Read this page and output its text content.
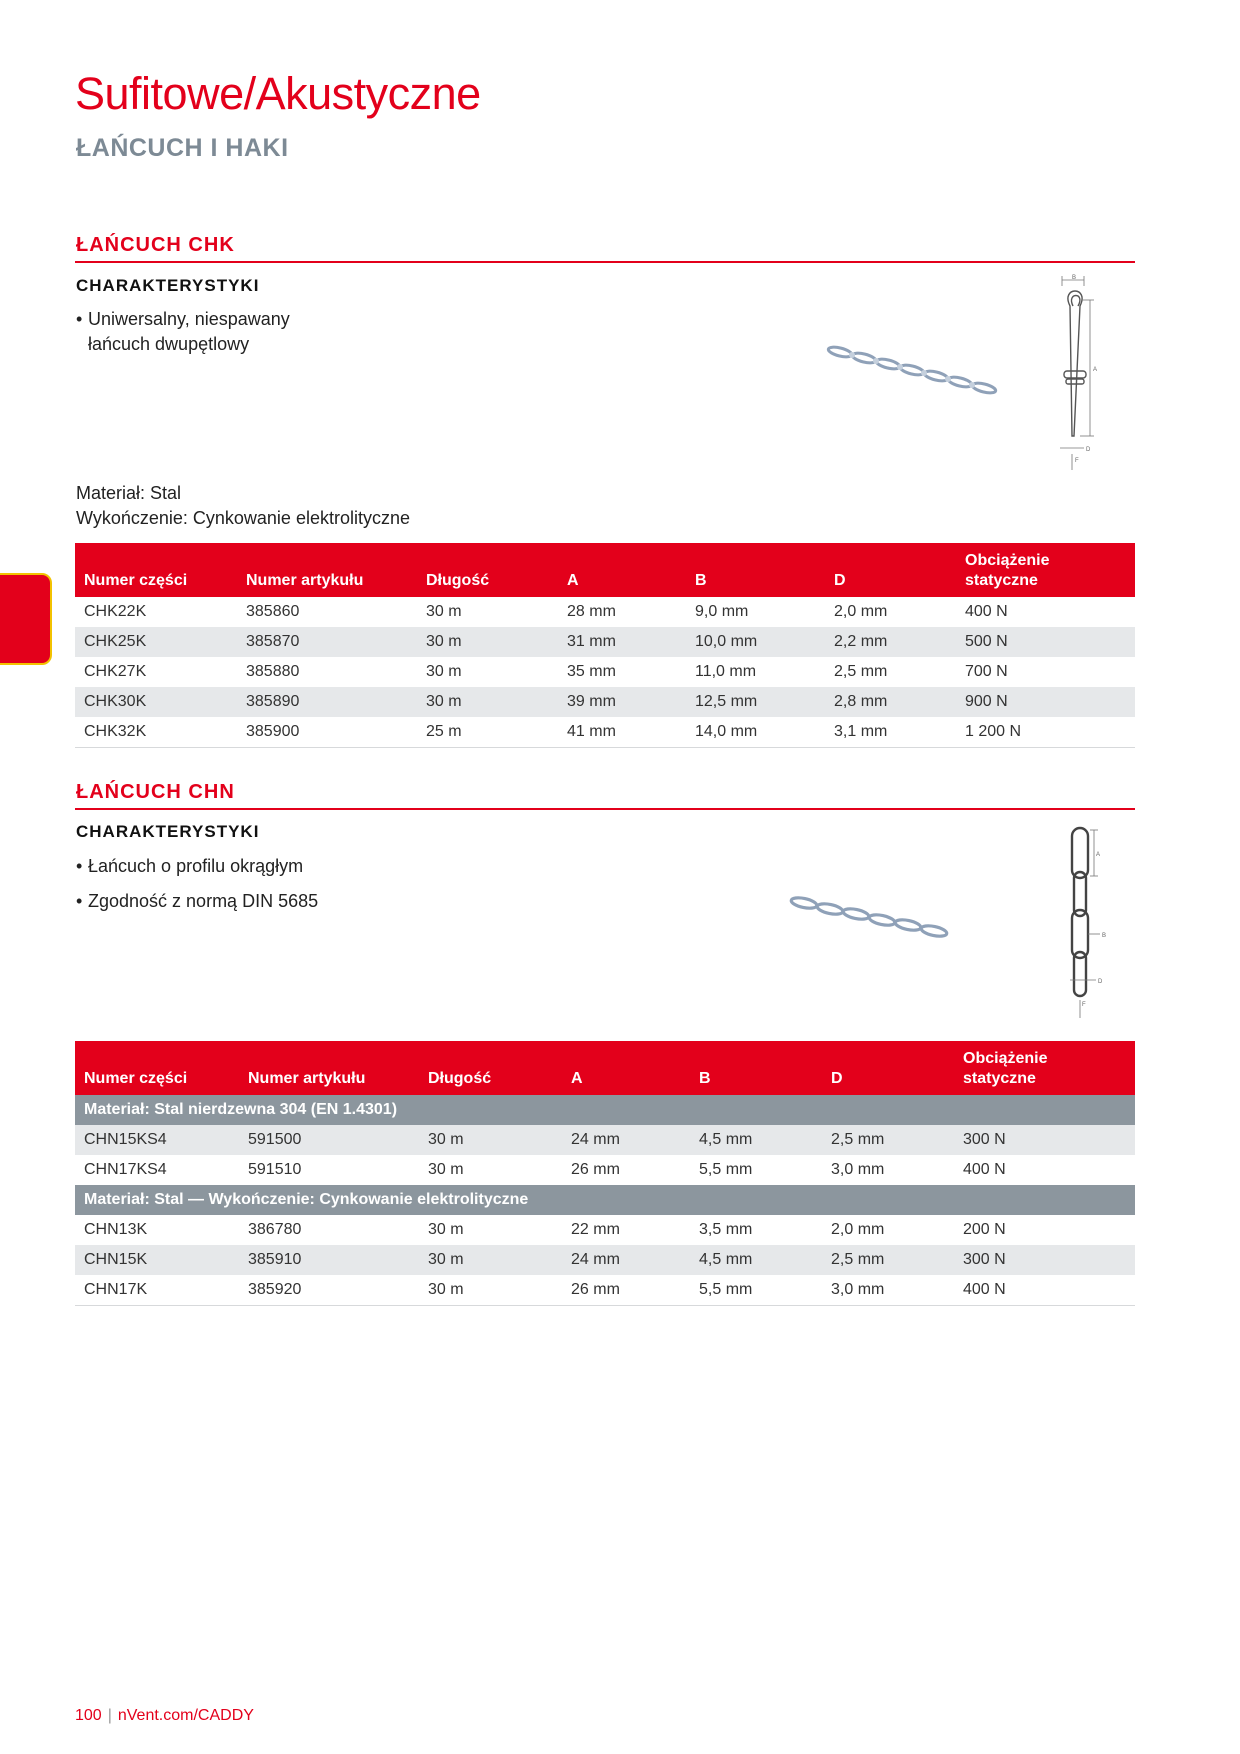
Sufitowe/Akustyczne
ŁAŃCUCH I HAKI
ŁAŃCUCH CHK
CHARAKTERYSTYKI
• Uniwersalny, niespawany
łańcuch dwupętlowy
B
A
D
F
Materiał: Stal
Wykończenie: Cynkowanie elektrolityczne
Numer części	Numer artykułu	Długość	A	B	D	Obciążenie
statyczne
CHK22K	385860	30 m	28 mm	9,0 mm	2,0 mm	400 N
CHK25K	385870	30 m	31 mm	10,0 mm	2,2 mm	500 N
CHK27K	385880	30 m	35 mm	11,0 mm	2,5 mm	700 N
CHK30K	385890	30 m	39 mm	12,5 mm	2,8 mm	900 N
CHK32K	385900	25 m	41 mm	14,0 mm	3,1 mm	1 200 N
ŁAŃCUCH CHN
CHARAKTERYSTYKI
• Łańcuch o profilu okrągłym
• Zgodność z normą DIN 5685
A
B
D
F
Numer części	Numer artykułu	Długość	A	B	D	Obciążenie
statyczne
Materiał: Stal nierdzewna 304 (EN 1.4301)						
CHN15KS4	591500	30 m	24 mm	4,5 mm	2,5 mm	300 N
CHN17KS4	591510	30 m	26 mm	5,5 mm	3,0 mm	400 N
Materiał: Stal — Wykończenie: Cynkowanie elektrolityczne						
CHN13K	386780	30 m	22 mm	3,5 mm	2,0 mm	200 N
CHN15K	385910	30 m	24 mm	4,5 mm	2,5 mm	300 N
CHN17K	385920	30 m	26 mm	5,5 mm	3,0 mm	400 N
100 | nVent.com/CADDY
